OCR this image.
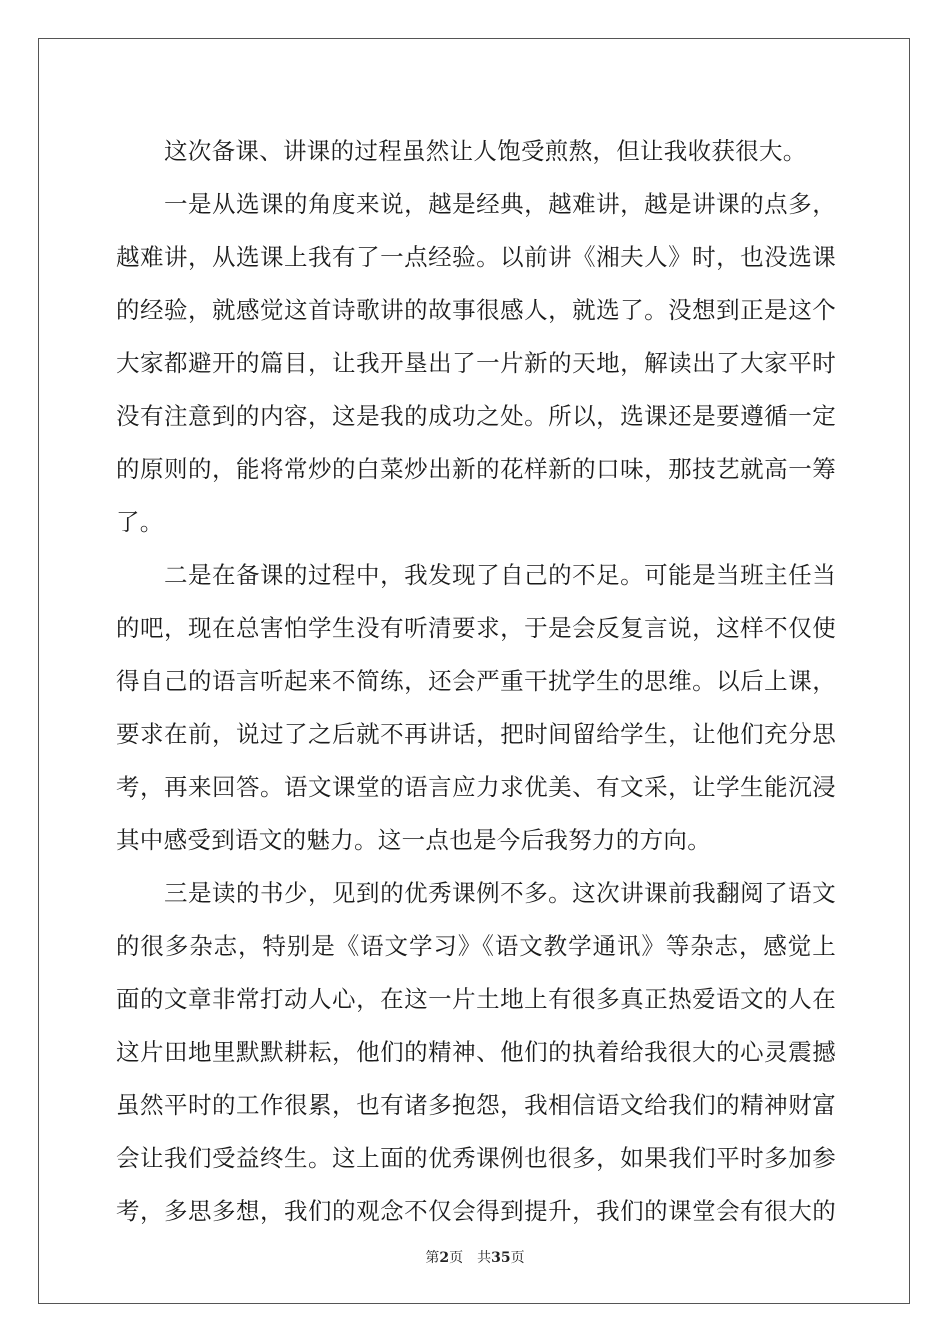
这次备课、讲课的过程虽然让人饱受煎熬，但让我收获很大。
一是从选课的角度来说，越是经典，越难讲，越是讲课的点多，
越难讲，从选课上我有了一点经验。以前讲《湘夫人》时，也没选课
的经验，就感觉这首诗歌讲的故事很感人，就选了。没想到正是这个
大家都避开的篇目，让我开垦出了一片新的天地，解读出了大家平时
没有注意到的内容，这是我的成功之处。所以，选课还是要遵循一定
的原则的，能将常炒的白菜炒出新的花样新的口味，那技艺就高一筹
了。
二是在备课的过程中，我发现了自己的不足。可能是当班主任当
的吧，现在总害怕学生没有听清要求，于是会反复言说，这样不仅使
得自己的语言听起来不简练，还会严重干扰学生的思维。以后上课，
要求在前，说过了之后就不再讲话，把时间留给学生，让他们充分思
考，再来回答。语文课堂的语言应力求优美、有文采，让学生能沉浸
其中感受到语文的魅力。这一点也是今后我努力的方向。
三是读的书少，见到的优秀课例不多。这次讲课前我翻阅了语文
的很多杂志，特别是《语文学习》《语文教学通讯》等杂志，感觉上
面的文章非常打动人心，在这一片土地上有很多真正热爱语文的人在
这片田地里默默耕耘，他们的精神、他们的执着给我很大的心灵震撼
虽然平时的工作很累，也有诸多抱怨，我相信语文给我们的精神财富
会让我们受益终生。这上面的优秀课例也很多，如果我们平时多加参
考，多思多想，我们的观念不仅会得到提升，我们的课堂会有很大的
第2页 共35页
